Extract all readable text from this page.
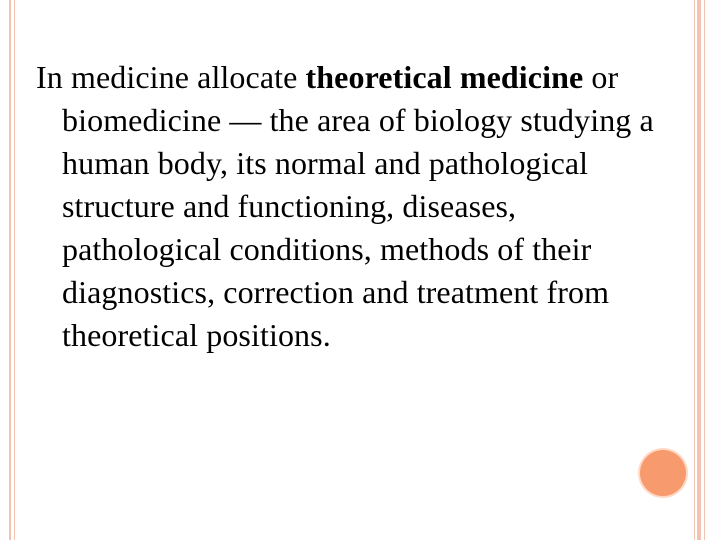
In medicine allocate theoretical medicine or biomedicine — the area of biology studying a human body, its normal and pathological structure and functioning, diseases, pathological conditions, methods of their diagnostics, correction and treatment from theoretical positions.
